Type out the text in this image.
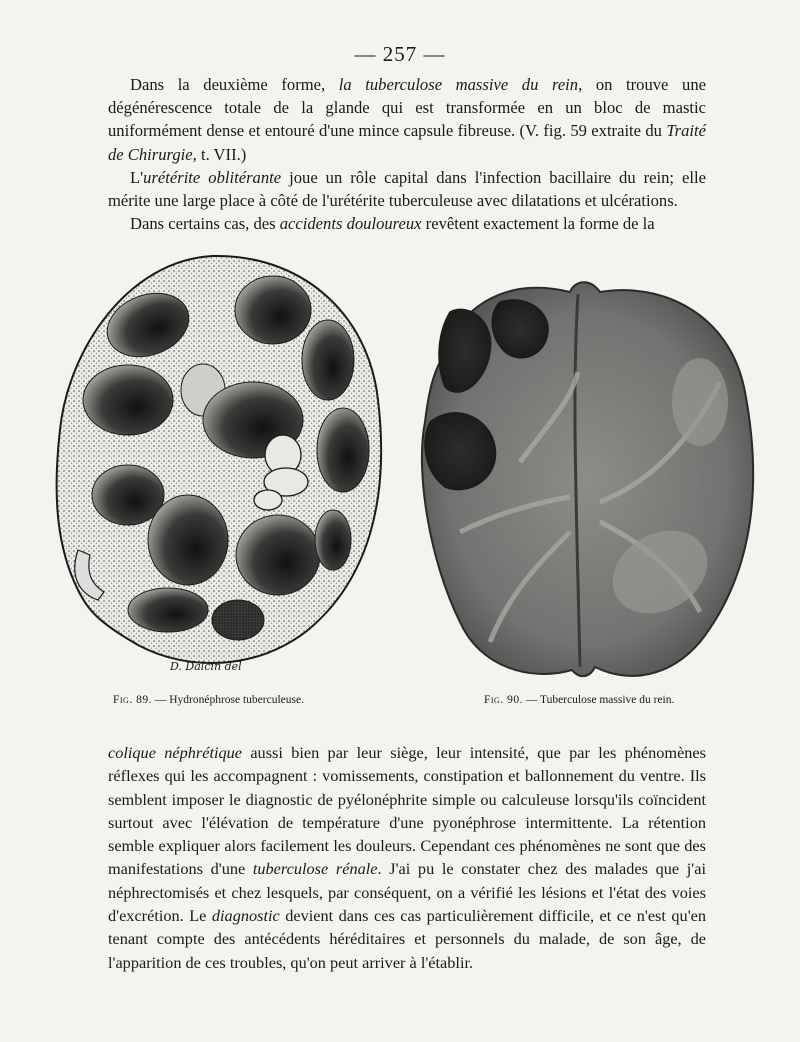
— 257 —

Dans la deuxième forme, la tuberculose massive du rein, on trouve une dégénérescence totale de la glande qui est transformée en un bloc de mastic uniformément dense et entouré d'une mince capsule fibreuse. (V. fig. 59 extraite du Traité de Chirurgie, t. VII.)

L'urétérite oblitérante joue un rôle capital dans l'infection bacillaire du rein; elle mérite une large place à côté de l'urétérite tuberculeuse avec dilatations et ulcérations.

Dans certains cas, des accidents douloureux revêtent exactement la forme de la

D. Dalcin del
Fig. 89. — Hydronéphrose tuberculeuse.	Fig. 90. — Tuberculose massive du rein.

colique néphrétique aussi bien par leur siège, leur intensité, que par les phénomènes réflexes qui les accompagnent : vomissements, constipation et ballonnement du ventre. Ils semblent imposer le diagnostic de pyélonéphrite simple ou calculeuse lorsqu'ils coïncident surtout avec l'élévation de température d'une pyonéphrose intermittente. La rétention semble expliquer alors facilement les douleurs. Cependant ces phénomènes ne sont que des manifestations d'une tuberculose rénale. J'ai pu le constater chez des malades que j'ai néphrectomisés et chez lesquels, par conséquent, on a vérifié les lésions et l'état des voies d'excrétion. Le diagnostic devient dans ces cas particulièrement difficile, et ce n'est qu'en tenant compte des antécédents héréditaires et personnels du malade, de son âge, de l'apparition de ces troubles, qu'on peut arriver à l'établir.
